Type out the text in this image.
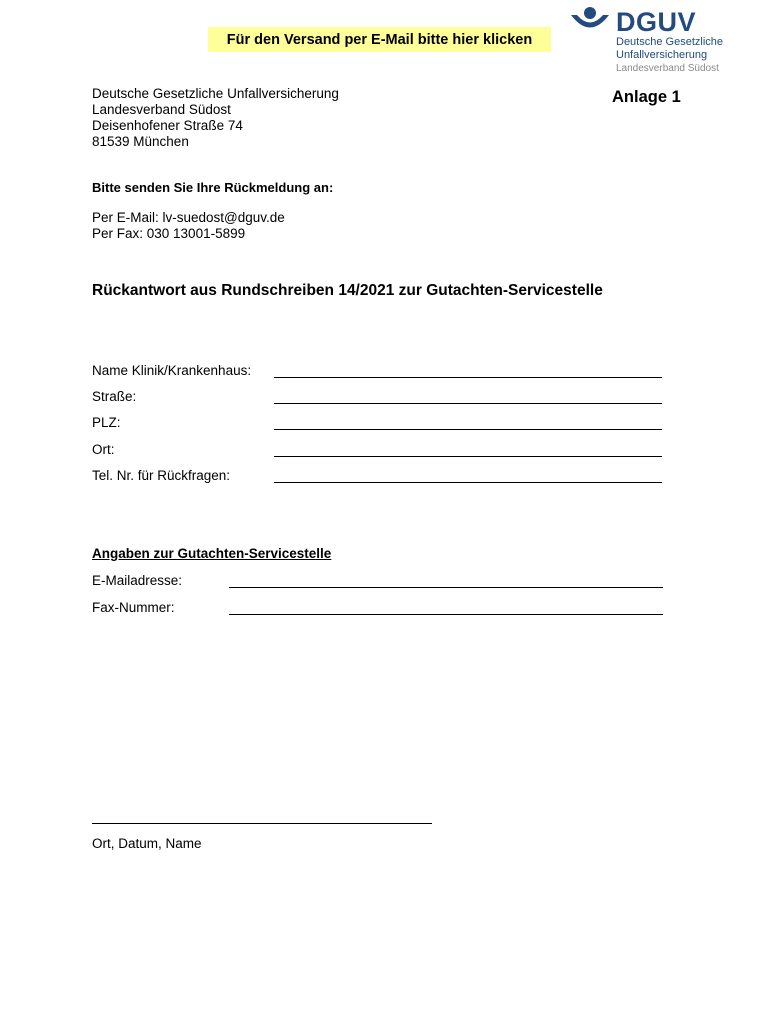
Für den Versand per E-Mail bitte hier klicken
DGUV
Deutsche Gesetzliche
Unfallversicherung
Landesverband Südost
Deutsche Gesetzliche Unfallversicherung
Landesverband Südost
Deisenhofener Straße 74
81539 München
Anlage 1
Bitte senden Sie Ihre Rückmeldung an:
Per E-Mail: lv-suedost@dguv.de
Per Fax: 030 13001-5899
Rückantwort aus Rundschreiben 14/2021 zur Gutachten-Servicestelle
Name Klinik/Krankenhaus:
Straße:
PLZ:
Ort:
Tel. Nr. für Rückfragen:
Angaben zur Gutachten-Servicestelle
E-Mailadresse:
Fax-Nummer:
Ort, Datum, Name
